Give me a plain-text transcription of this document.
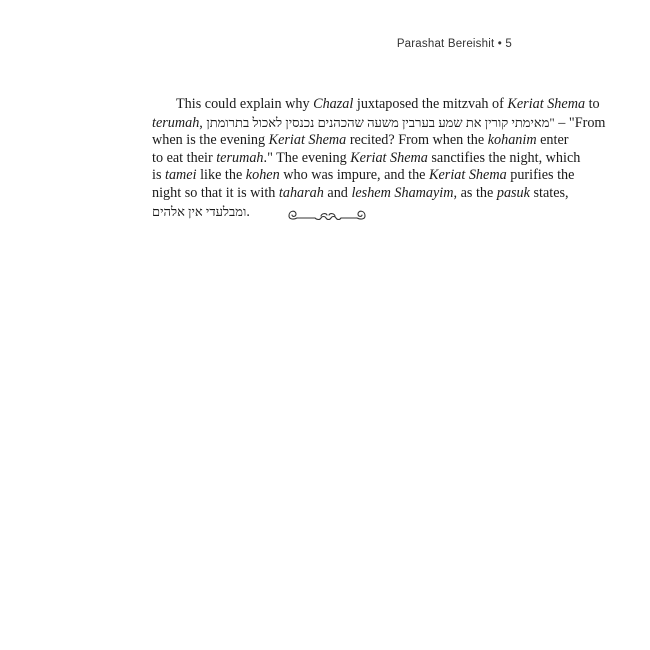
Parashat Bereishit • 5
This could explain why Chazal juxtaposed the mitzvah of Keriat Shema to
terumah, "מאימתי קורין את שמע בערבין משעה שהכהנים נכנסין לאכול בתרומתן – "From
when is the evening Keriat Shema recited? From when the kohanim enter
to eat their terumah." The evening Keriat Shema sanctifies the night, which
is tamei like the kohen who was impure, and the Keriat Shema purifies the
night so that it is with taharah and leshem Shamayim, as the pasuk states,
ומבלעדי אין אלהים.
